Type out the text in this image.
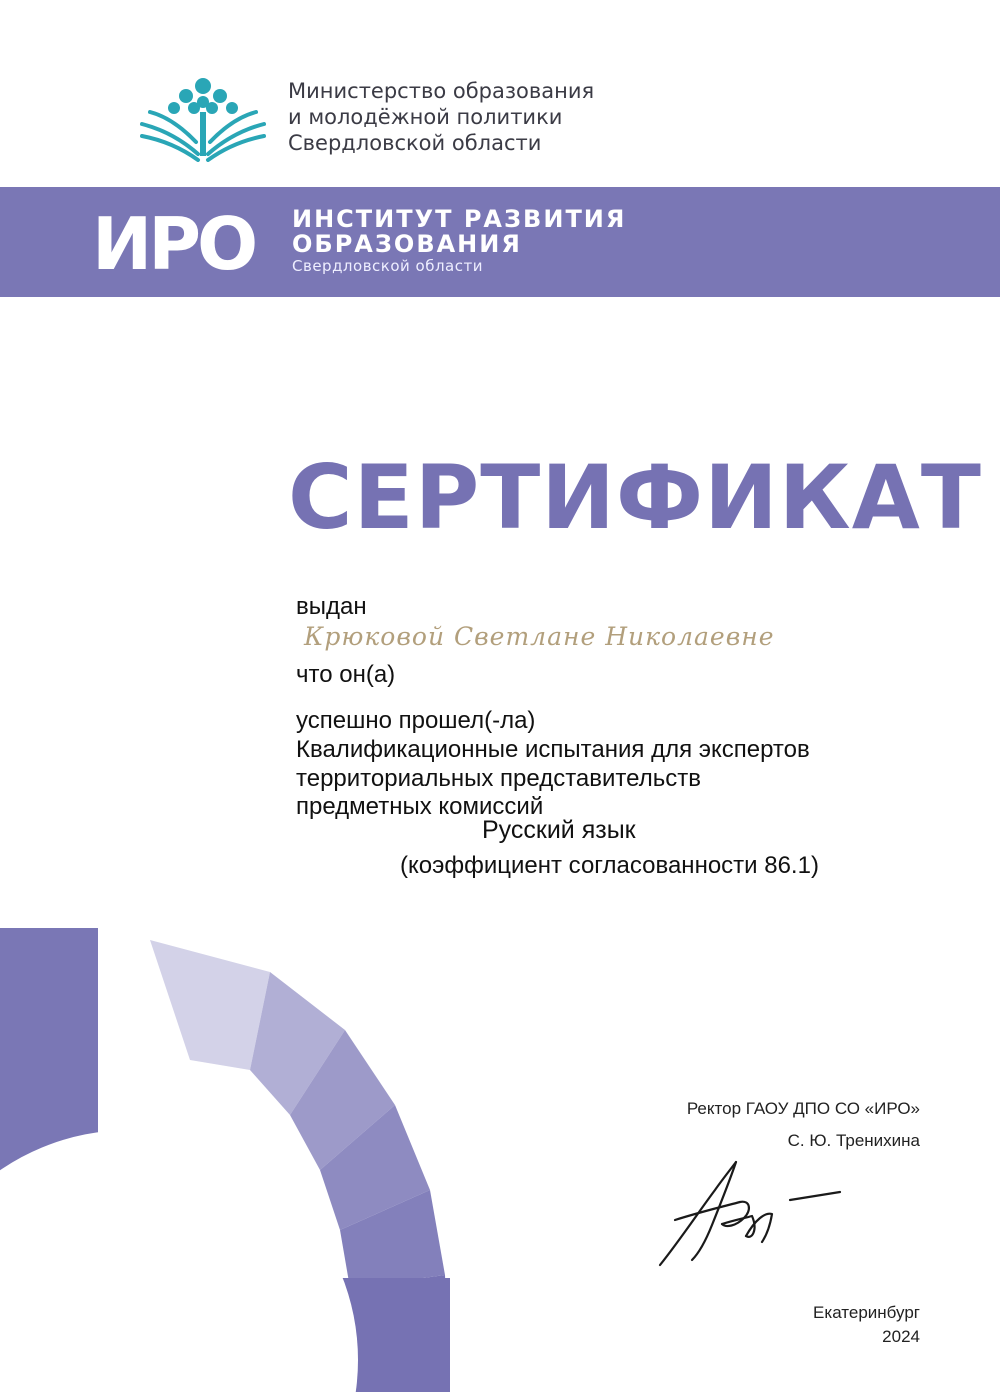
Министерство образования
и молодёжной политики
Свердловской области
ИРО ИНСТИТУТ РАЗВИТИЯ
ОБРАЗОВАНИЯ
Свердловской области
СЕРТИФИКАТ
выдан
Крюковой Светлане Николаевне
что он(а)
успешно прошел(-ла)
Квалификационные испытания для экспертов
территориальных представительств
предметных комиссий
Русский язык
(коэффициент согласованности 86.1)
Ректор ГАОУ ДПО СО «ИРО»
С. Ю. Тренихина
Екатеринбург
2024
